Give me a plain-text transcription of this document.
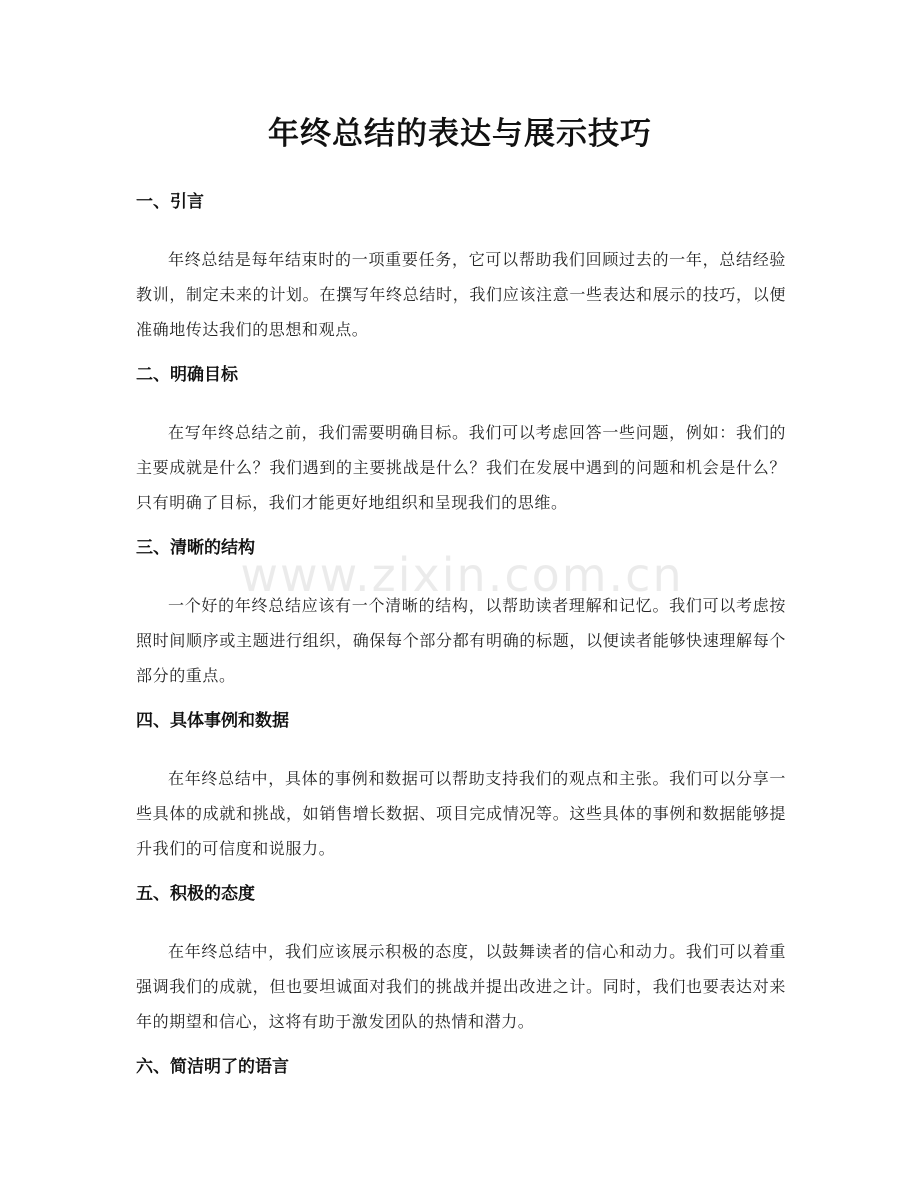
年终总结的表达与展示技巧
一、引言

年终总结是每年结束时的一项重要任务，它可以帮助我们回顾过去的一年，总结经验教训，制定未来的计划。在撰写年终总结时，我们应该注意一些表达和展示的技巧，以便准确地传达我们的思想和观点。

二、明确目标

在写年终总结之前，我们需要明确目标。我们可以考虑回答一些问题，例如：我们的主要成就是什么？我们遇到的主要挑战是什么？我们在发展中遇到的问题和机会是什么？只有明确了目标，我们才能更好地组织和呈现我们的思维。

三、清晰的结构

一个好的年终总结应该有一个清晰的结构，以帮助读者理解和记忆。我们可以考虑按照时间顺序或主题进行组织，确保每个部分都有明确的标题，以便读者能够快速理解每个部分的重点。

四、具体事例和数据

在年终总结中，具体的事例和数据可以帮助支持我们的观点和主张。我们可以分享一些具体的成就和挑战，如销售增长数据、项目完成情况等。这些具体的事例和数据能够提升我们的可信度和说服力。

五、积极的态度

在年终总结中，我们应该展示积极的态度，以鼓舞读者的信心和动力。我们可以着重强调我们的成就，但也要坦诚面对我们的挑战并提出改进之计。同时，我们也要表达对来年的期望和信心，这将有助于激发团队的热情和潜力。

六、简洁明了的语言
www.zixin.com.cn
